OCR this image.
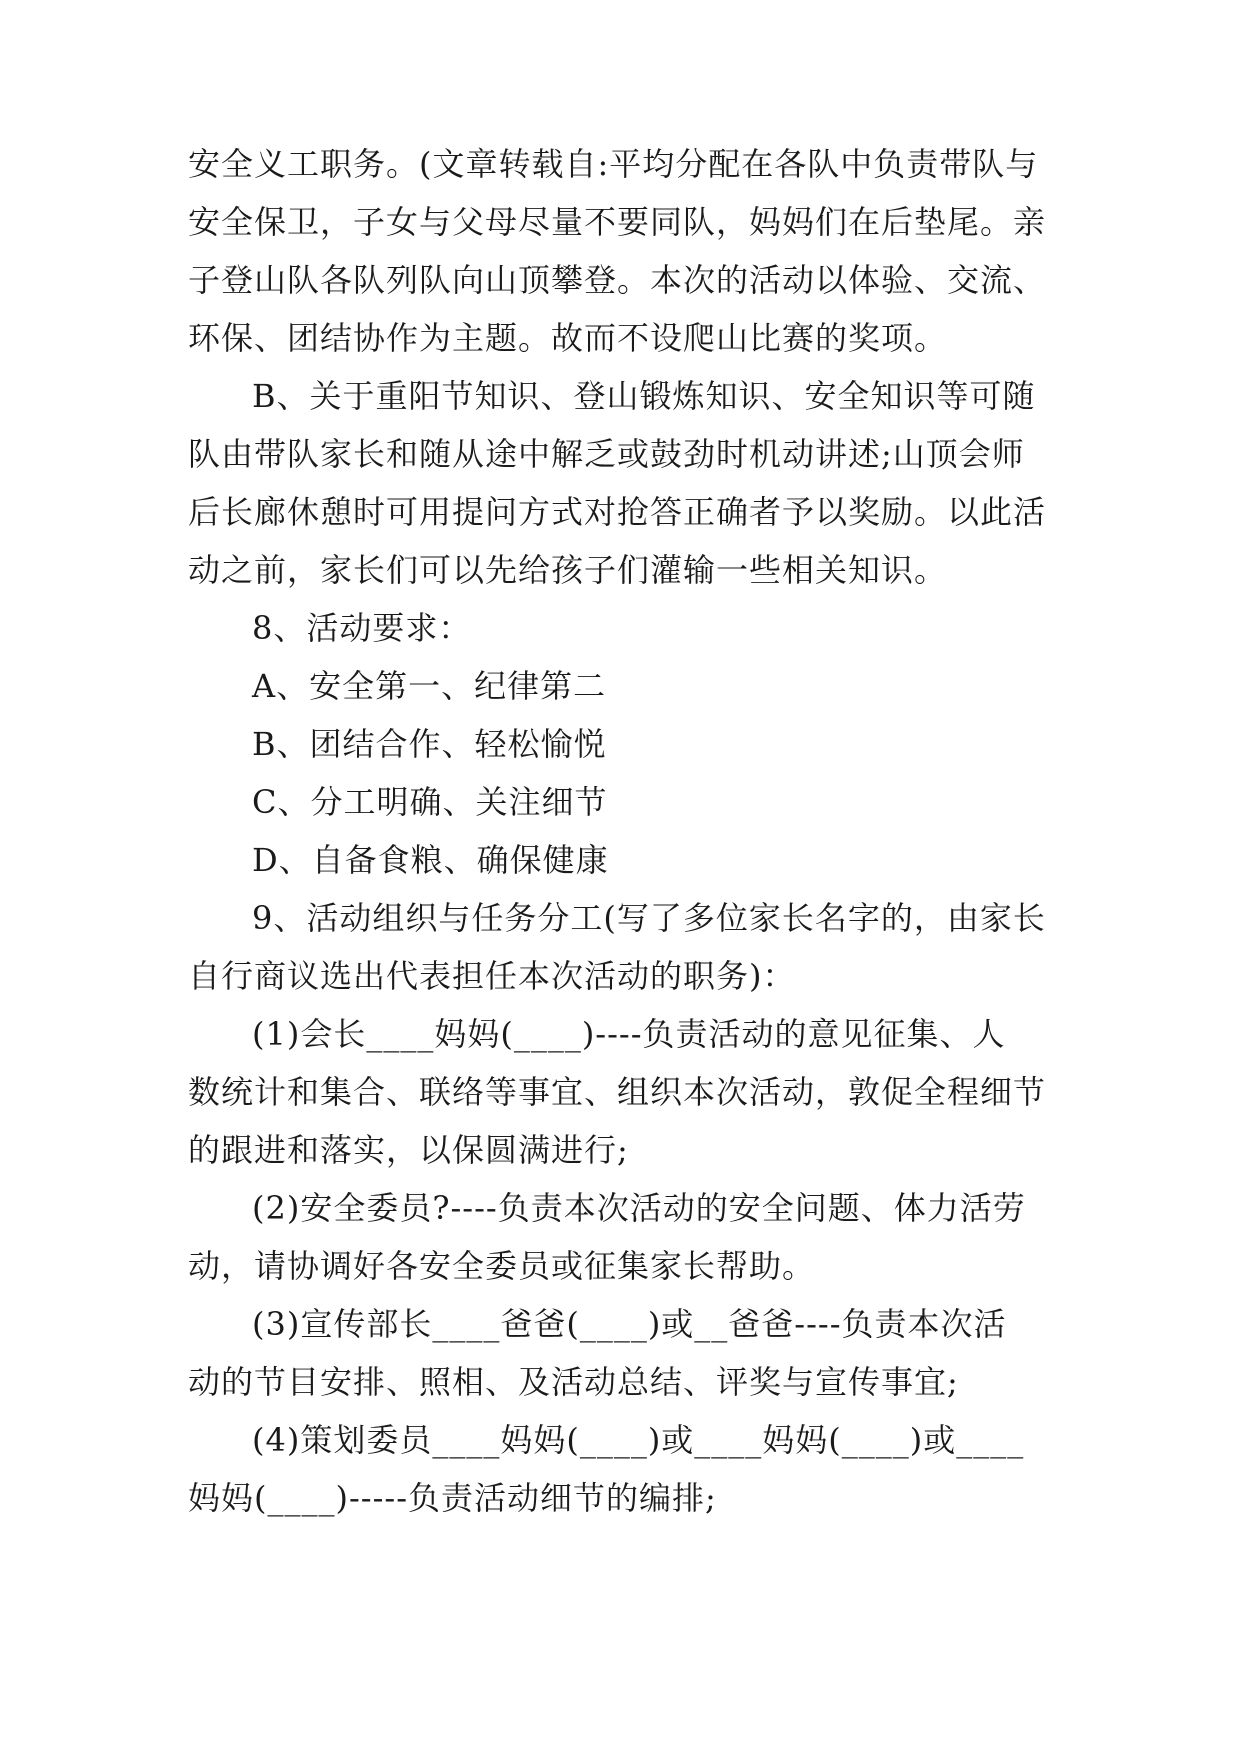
安全义工职务。(文章转载自:平均分配在各队中负责带队与
安全保卫，子女与父母尽量不要同队，妈妈们在后垫尾。亲
子登山队各队列队向山顶攀登。本次的活动以体验、交流、
环保、团结协作为主题。故而不设爬山比赛的奖项。
B、关于重阳节知识、登山锻炼知识、安全知识等可随
队由带队家长和随从途中解乏或鼓劲时机动讲述;山顶会师
后长廊休憩时可用提问方式对抢答正确者予以奖励。以此活
动之前，家长们可以先给孩子们灌输一些相关知识。
8、活动要求：
A、安全第一、纪律第二
B、团结合作、轻松愉悦
C、分工明确、关注细节
D、自备食粮、确保健康
9、活动组织与任务分工(写了多位家长名字的，由家长
自行商议选出代表担任本次活动的职务)：
(1)会长____妈妈(____)----负责活动的意见征集、人
数统计和集合、联络等事宜、组织本次活动，敦促全程细节
的跟进和落实，以保圆满进行;
(2)安全委员?----负责本次活动的安全问题、体力活劳
动，请协调好各安全委员或征集家长帮助。
(3)宣传部长____爸爸(____)或__爸爸----负责本次活
动的节目安排、照相、及活动总结、评奖与宣传事宜;
(4)策划委员____妈妈(____)或____妈妈(____)或____
妈妈(____)-----负责活动细节的编排;
